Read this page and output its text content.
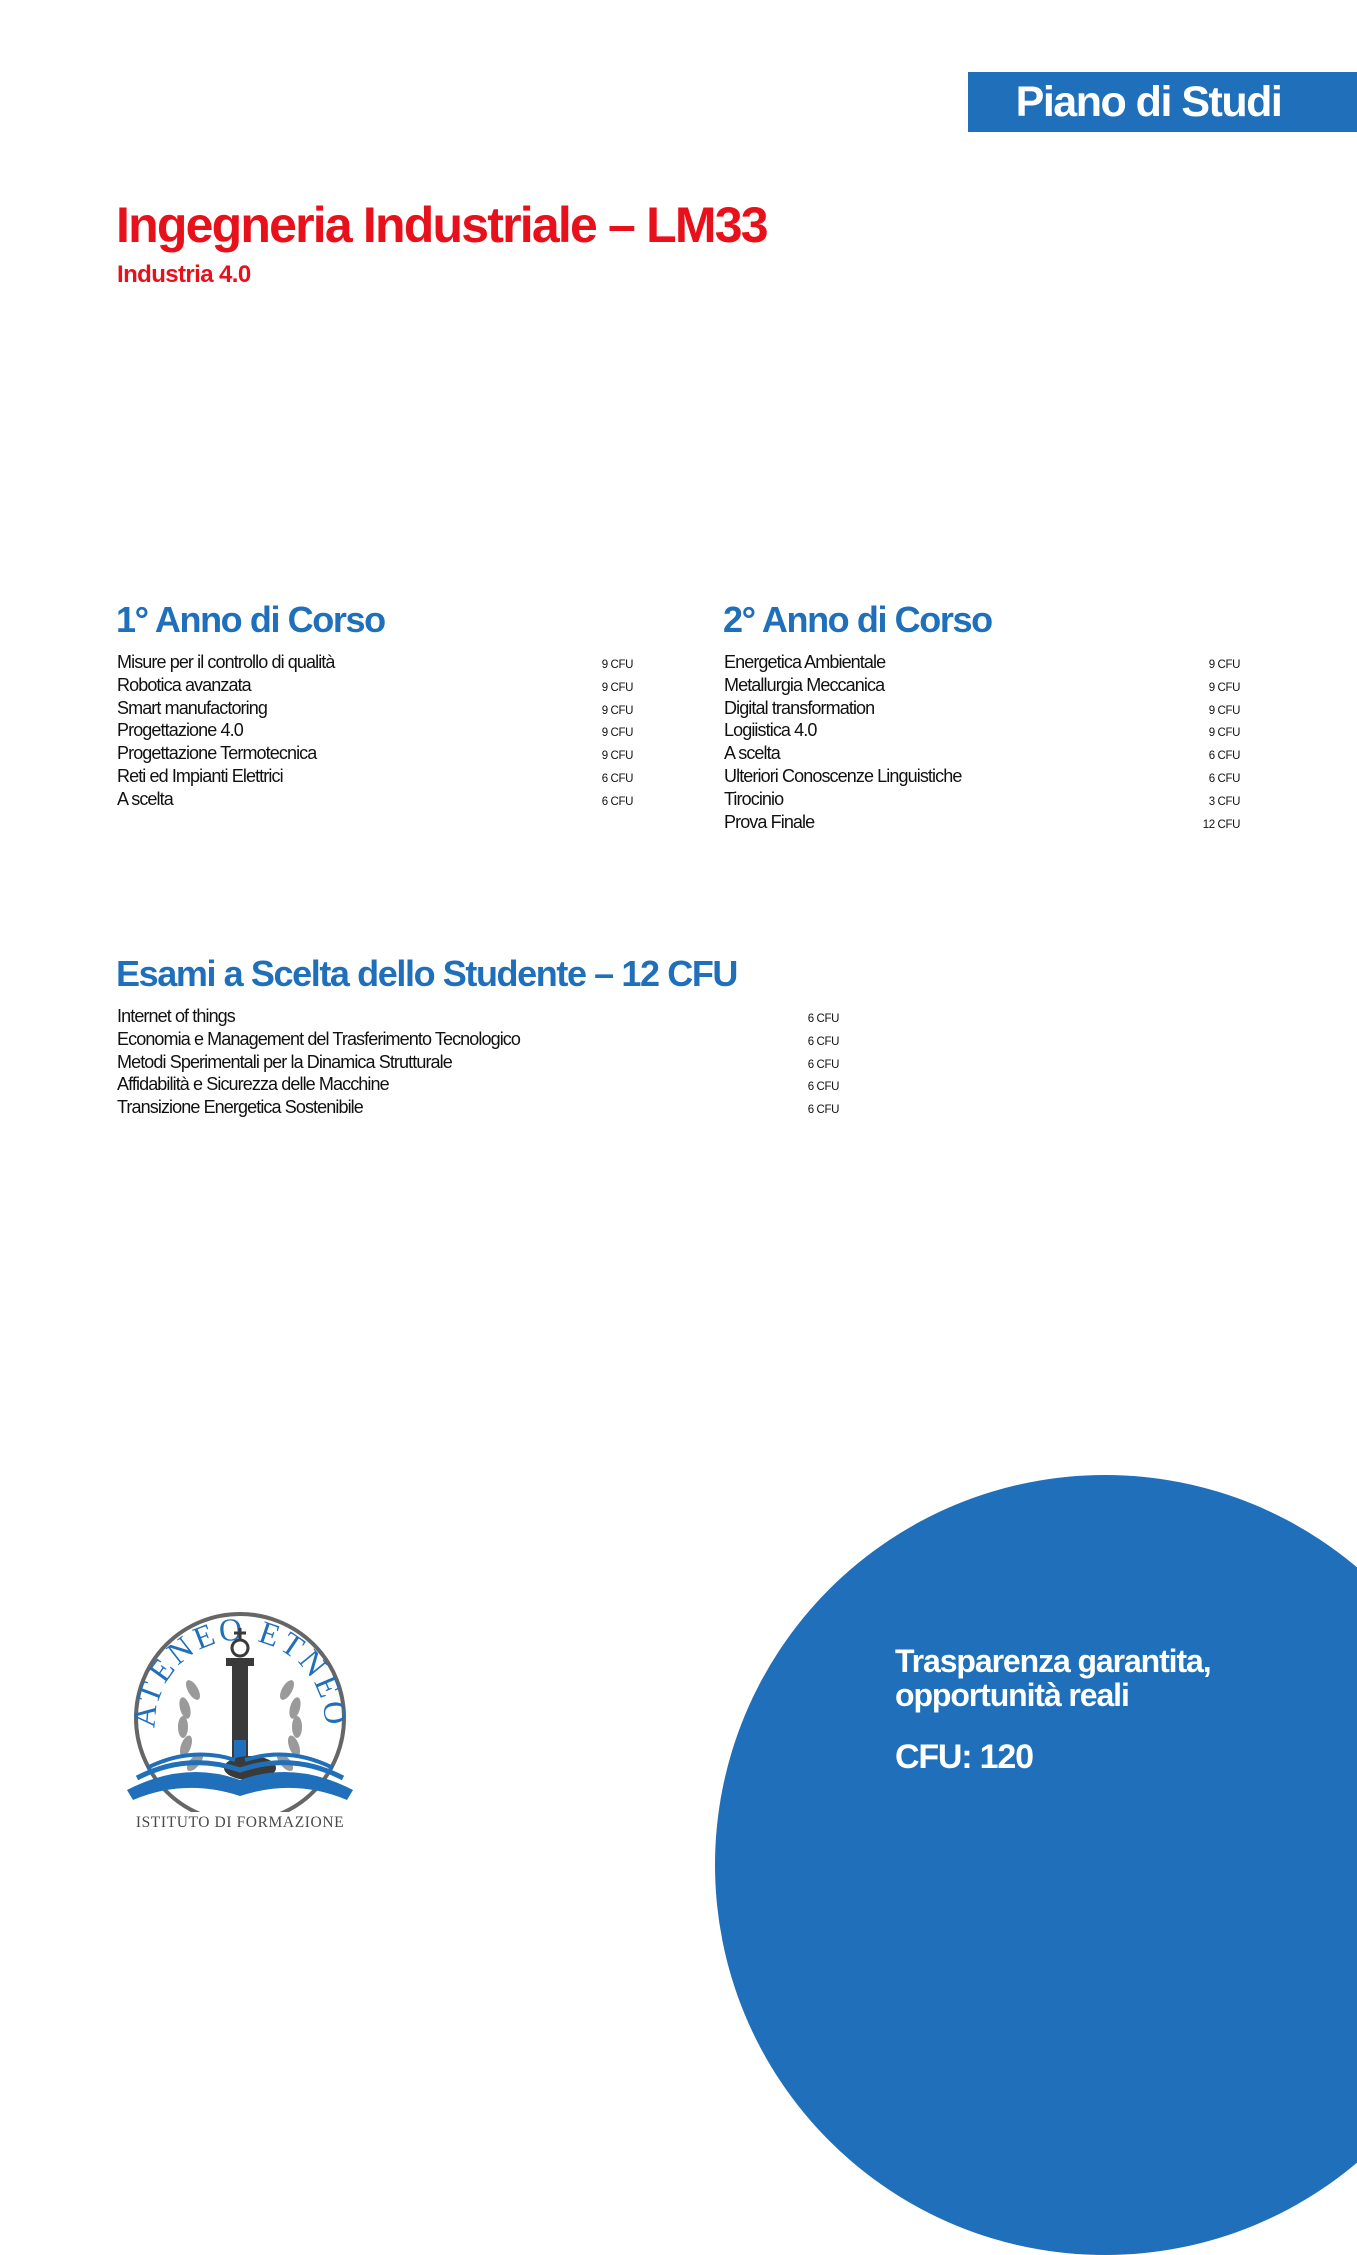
Piano di Studi
Ingegneria Industriale – LM33
Industria 4.0
1° Anno di Corso
Misure per il controllo di qualità	9 CFU
Robotica avanzata	9 CFU
Smart manufactoring	9 CFU
Progettazione 4.0	9 CFU
Progettazione Termotecnica	9 CFU
Reti ed Impianti Elettrici	6 CFU
A scelta	6 CFU
2° Anno di Corso
Energetica Ambientale	9 CFU
Metallurgia Meccanica	9 CFU
Digital transformation	9 CFU
Logiistica 4.0	9 CFU
A scelta	6 CFU
Ulteriori Conoscenze Linguistiche	6 CFU
Tirocinio	3 CFU
Prova Finale	12 CFU
Esami a Scelta dello Studente – 12 CFU
Internet of things	6 CFU
Economia e Management del Trasferimento Tecnologico	6 CFU
Metodi Sperimentali per la Dinamica Strutturale	6 CFU
Affidabilità e Sicurezza delle Macchine	6 CFU
Transizione Energetica Sostenibile	6 CFU

Trasparenza garantita, opportunità reali

CFU: 120

ATENEO ETNEO
ISTITUTO DI FORMAZIONE
